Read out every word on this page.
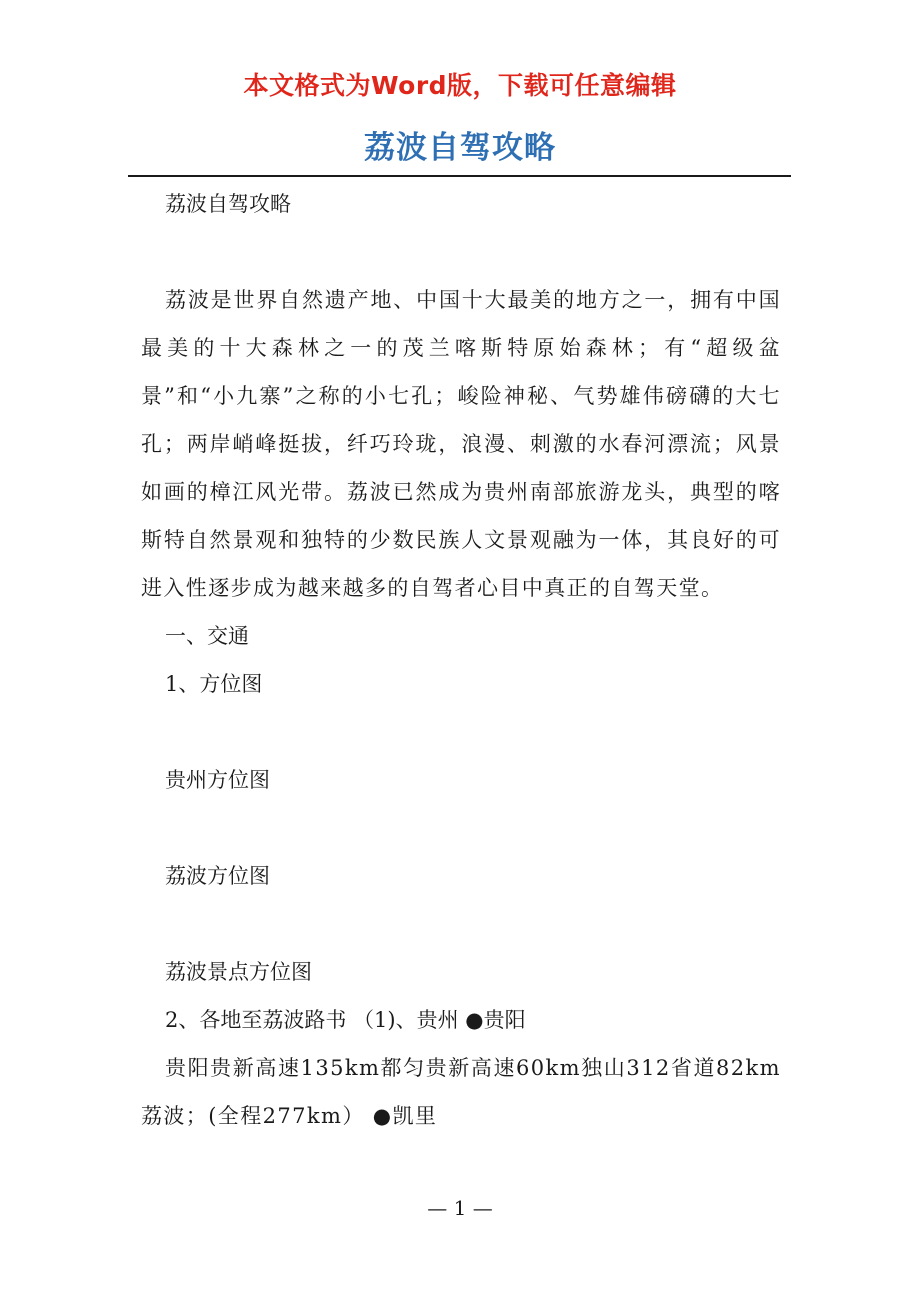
本文格式为Word版，下载可任意编辑
荔波自驾攻略

荔波自驾攻略

荔波是世界自然遗产地、中国十大最美的地方之一，拥有中国最美的十大森林之一的茂兰喀斯特原始森林；有“超级盆景”和“小九寨”之称的小七孔；峻险神秘、气势雄伟磅礴的大七孔；两岸峭峰挺拔，纤巧玲珑，浪漫、刺激的水春河漂流；风景如画的樟江风光带。荔波已然成为贵州南部旅游龙头，典型的喀斯特自然景观和独特的少数民族人文景观融为一体，其良好的可进入性逐步成为越来越多的自驾者心目中真正的自驾天堂。

一、交通

1、方位图

贵州方位图

荔波方位图

荔波景点方位图

2、各地至荔波路书 （1)、贵州 ●贵阳

贵阳贵新高速135km都匀贵新高速60km独山312省道82km荔波；(全程277km） ●凯里

— 1 —
